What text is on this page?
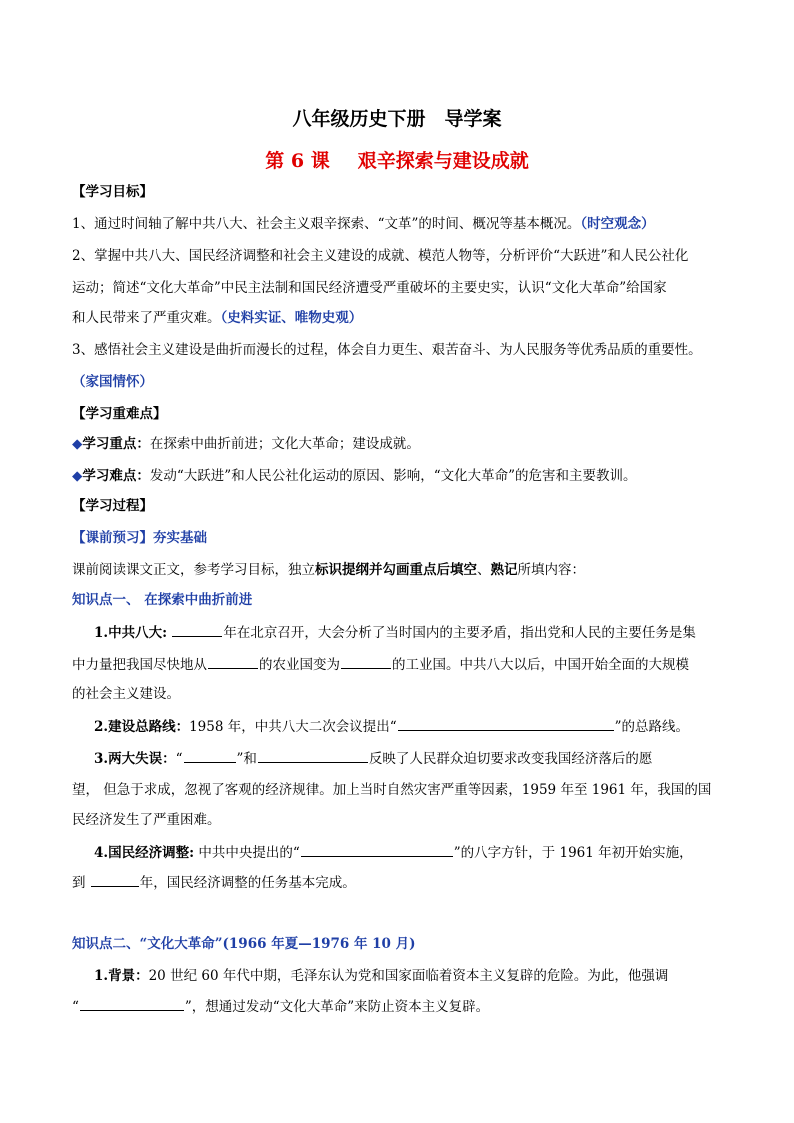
八年级历史下册　导学案
第 6 课 艰辛探索与建设成就
【学习目标】
1、通过时间轴了解中共八大、社会主义艰辛探索、“文革”的时间、概况等基本概况。（时空观念）
2、掌握中共八大、国民经济调整和社会主义建设的成就、模范人物等，分析评价“大跃进”和人民公社化
运动；简述“文化大革命”中民主法制和国民经济遭受严重破坏的主要史实，认识“文化大革命”给国家
和人民带来了严重灾难。（史料实证、唯物史观）
3、感悟社会主义建设是曲折而漫长的过程，体会自力更生、艰苦奋斗、为人民服务等优秀品质的重要性。
（家国情怀）
【学习重难点】
◆学习重点：在探索中曲折前进；文化大革命；建设成就。
◆学习难点：发动“大跃进”和人民公社化运动的原因、影响，“文化大革命”的危害和主要教训。
【学习过程】
【课前预习】夯实基础
课前阅读课文正文，参考学习目标，独立标识提纲并勾画重点后填空、熟记所填内容：
知识点一、 在探索中曲折前进
1.中共八大:	年在北京召开，大会分析了当时国内的主要矛盾，指出党和人民的主要任务是集
中力量把我国尽快地从	的农业国变为	的工业国。中共八大以后，中国开始全面的大规模
的社会主义建设。
2.建设总路线：1958 年，中共八大二次会议提出“	”的总路线。
3.两大失误：“	”和	反映了人民群众迫切要求改变我国经济落后的愿
望， 但急于求成，忽视了客观的经济规律。加上当时自然灾害严重等因素，1959 年至 1961 年，我国的国
民经济发生了严重困难。
4.国民经济调整: 中共中央提出的“	”的八字方针，于 1961 年初开始实施，
到	年，国民经济调整的任务基本完成。
知识点二、“文化大革命”(1966 年夏—1976 年 10 月)
1.背景：20 世纪 60 年代中期，毛泽东认为党和国家面临着资本主义复辟的危险。为此，他强调
“	”，想通过发动“文化大革命”来防止资本主义复辟。
